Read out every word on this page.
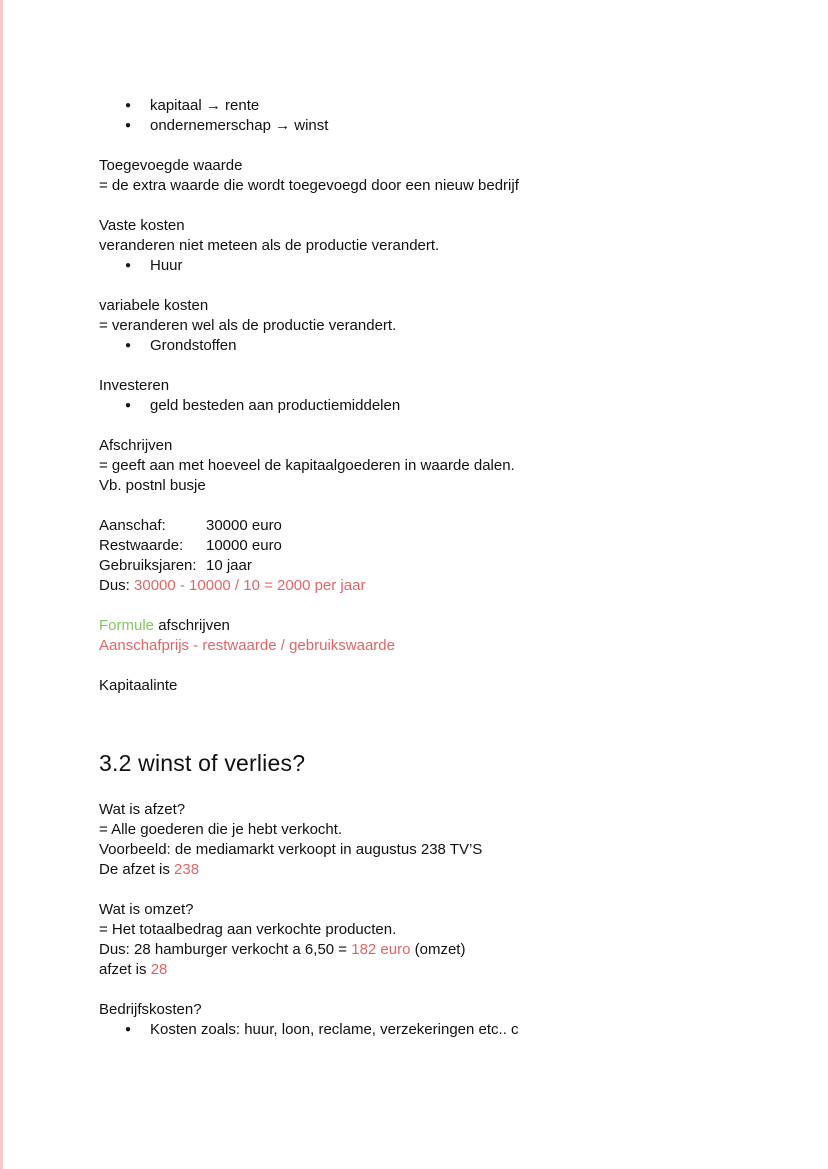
● kapitaal → rente
● ondernemerschap → winst

Toegevoegde waarde

= de extra waarde die wordt toegevoegd door een nieuw bedrijf

Vaste kosten

veranderen niet meteen als de productie verandert.

● Huur

variabele kosten

= veranderen wel als de productie verandert.

● Grondstoffen

Investeren

● geld besteden aan productiemiddelen

Afschrijven

= geeft aan met hoeveel de kapitaalgoederen in waarde dalen.

Vb. postnl busje

Aanschaf:	30000 euro

Restwaarde: 10000 euro

Gebruiksjaren: 10 jaar

Dus: 30000 - 10000 / 10 = 2000 per jaar

Formule afschrijven

Aanschafprijs - restwaarde / gebruikswaarde

Kapitaalinte

3.2 winst of verlies?

Wat is afzet?

= Alle goederen die je hebt verkocht.

Voorbeeld: de mediamarkt verkoopt in augustus 238 TV’S

De afzet is 238

Wat is omzet?

= Het totaalbedrag aan verkochte producten.

Dus: 28 hamburger verkocht a 6,50 = 182 euro (omzet)

afzet is 28

Bedrijfskosten?

● Kosten zoals: huur, loon, reclame, verzekeringen etc.. c
